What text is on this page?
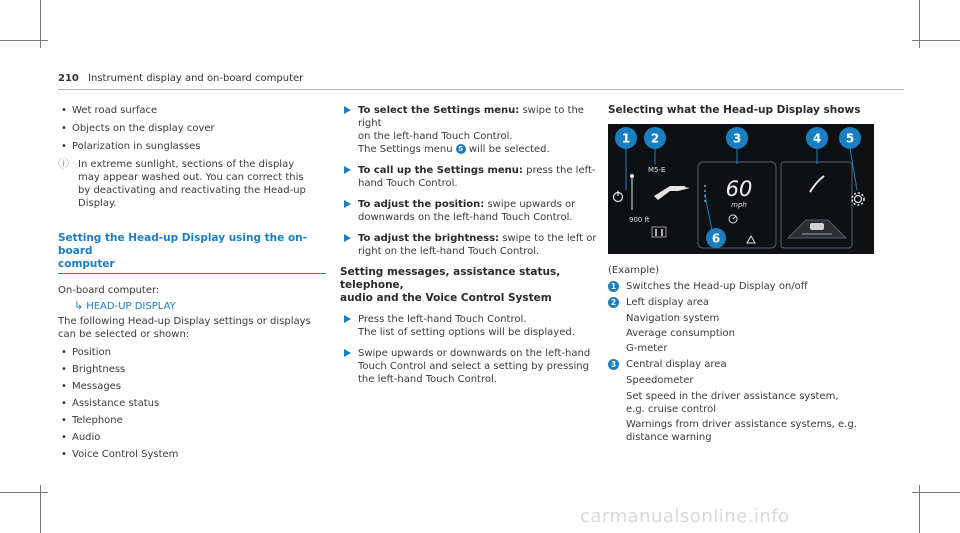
210 Instrument display and on-board computer
• Wet road surface
• Objects on the display cover
• Polarization in sunglasses
ⓘ In extreme sunlight, sections of the display
may appear washed out. You can correct this
by deactivating and reactivating the Head-up
Display.
Setting the Head-up Display using the on-board
computer
On-board computer:
↳ HEAD-UP DISPLAY
The following Head-up Display settings or displays
can be selected or shown:
• Position
• Brightness
• Messages
• Assistance status
• Telephone
• Audio
• Voice Control System
To select the Settings menu: swipe to the right
on the left-hand Touch Control.
The Settings menu 5 will be selected.
To call up the Settings menu: press the left-
hand Touch Control.
To adjust the position: swipe upwards or
downwards on the left-hand Touch Control.
To adjust the brightness: swipe to the left or
right on the left-hand Touch Control.
Setting messages, assistance status, telephone,
audio and the Voice Control System
Press the left-hand Touch Control.
The list of setting options will be displayed.
Swipe upwards or downwards on the left-hand
Touch Control and select a setting by pressing
the left-hand Touch Control.
Selecting what the Head-up Display shows
1 2	3	4 5
6
M5-E
900 ft
60
mph
(Example)
1 Switches the Head-up Display on/off
2 Left display area
Navigation system
Average consumption
G-meter
3 Central display area
Speedometer
Set speed in the driver assistance system,
e.g. cruise control
Warnings from driver assistance systems, e.g.
distance warning
carmanualsonline.info
